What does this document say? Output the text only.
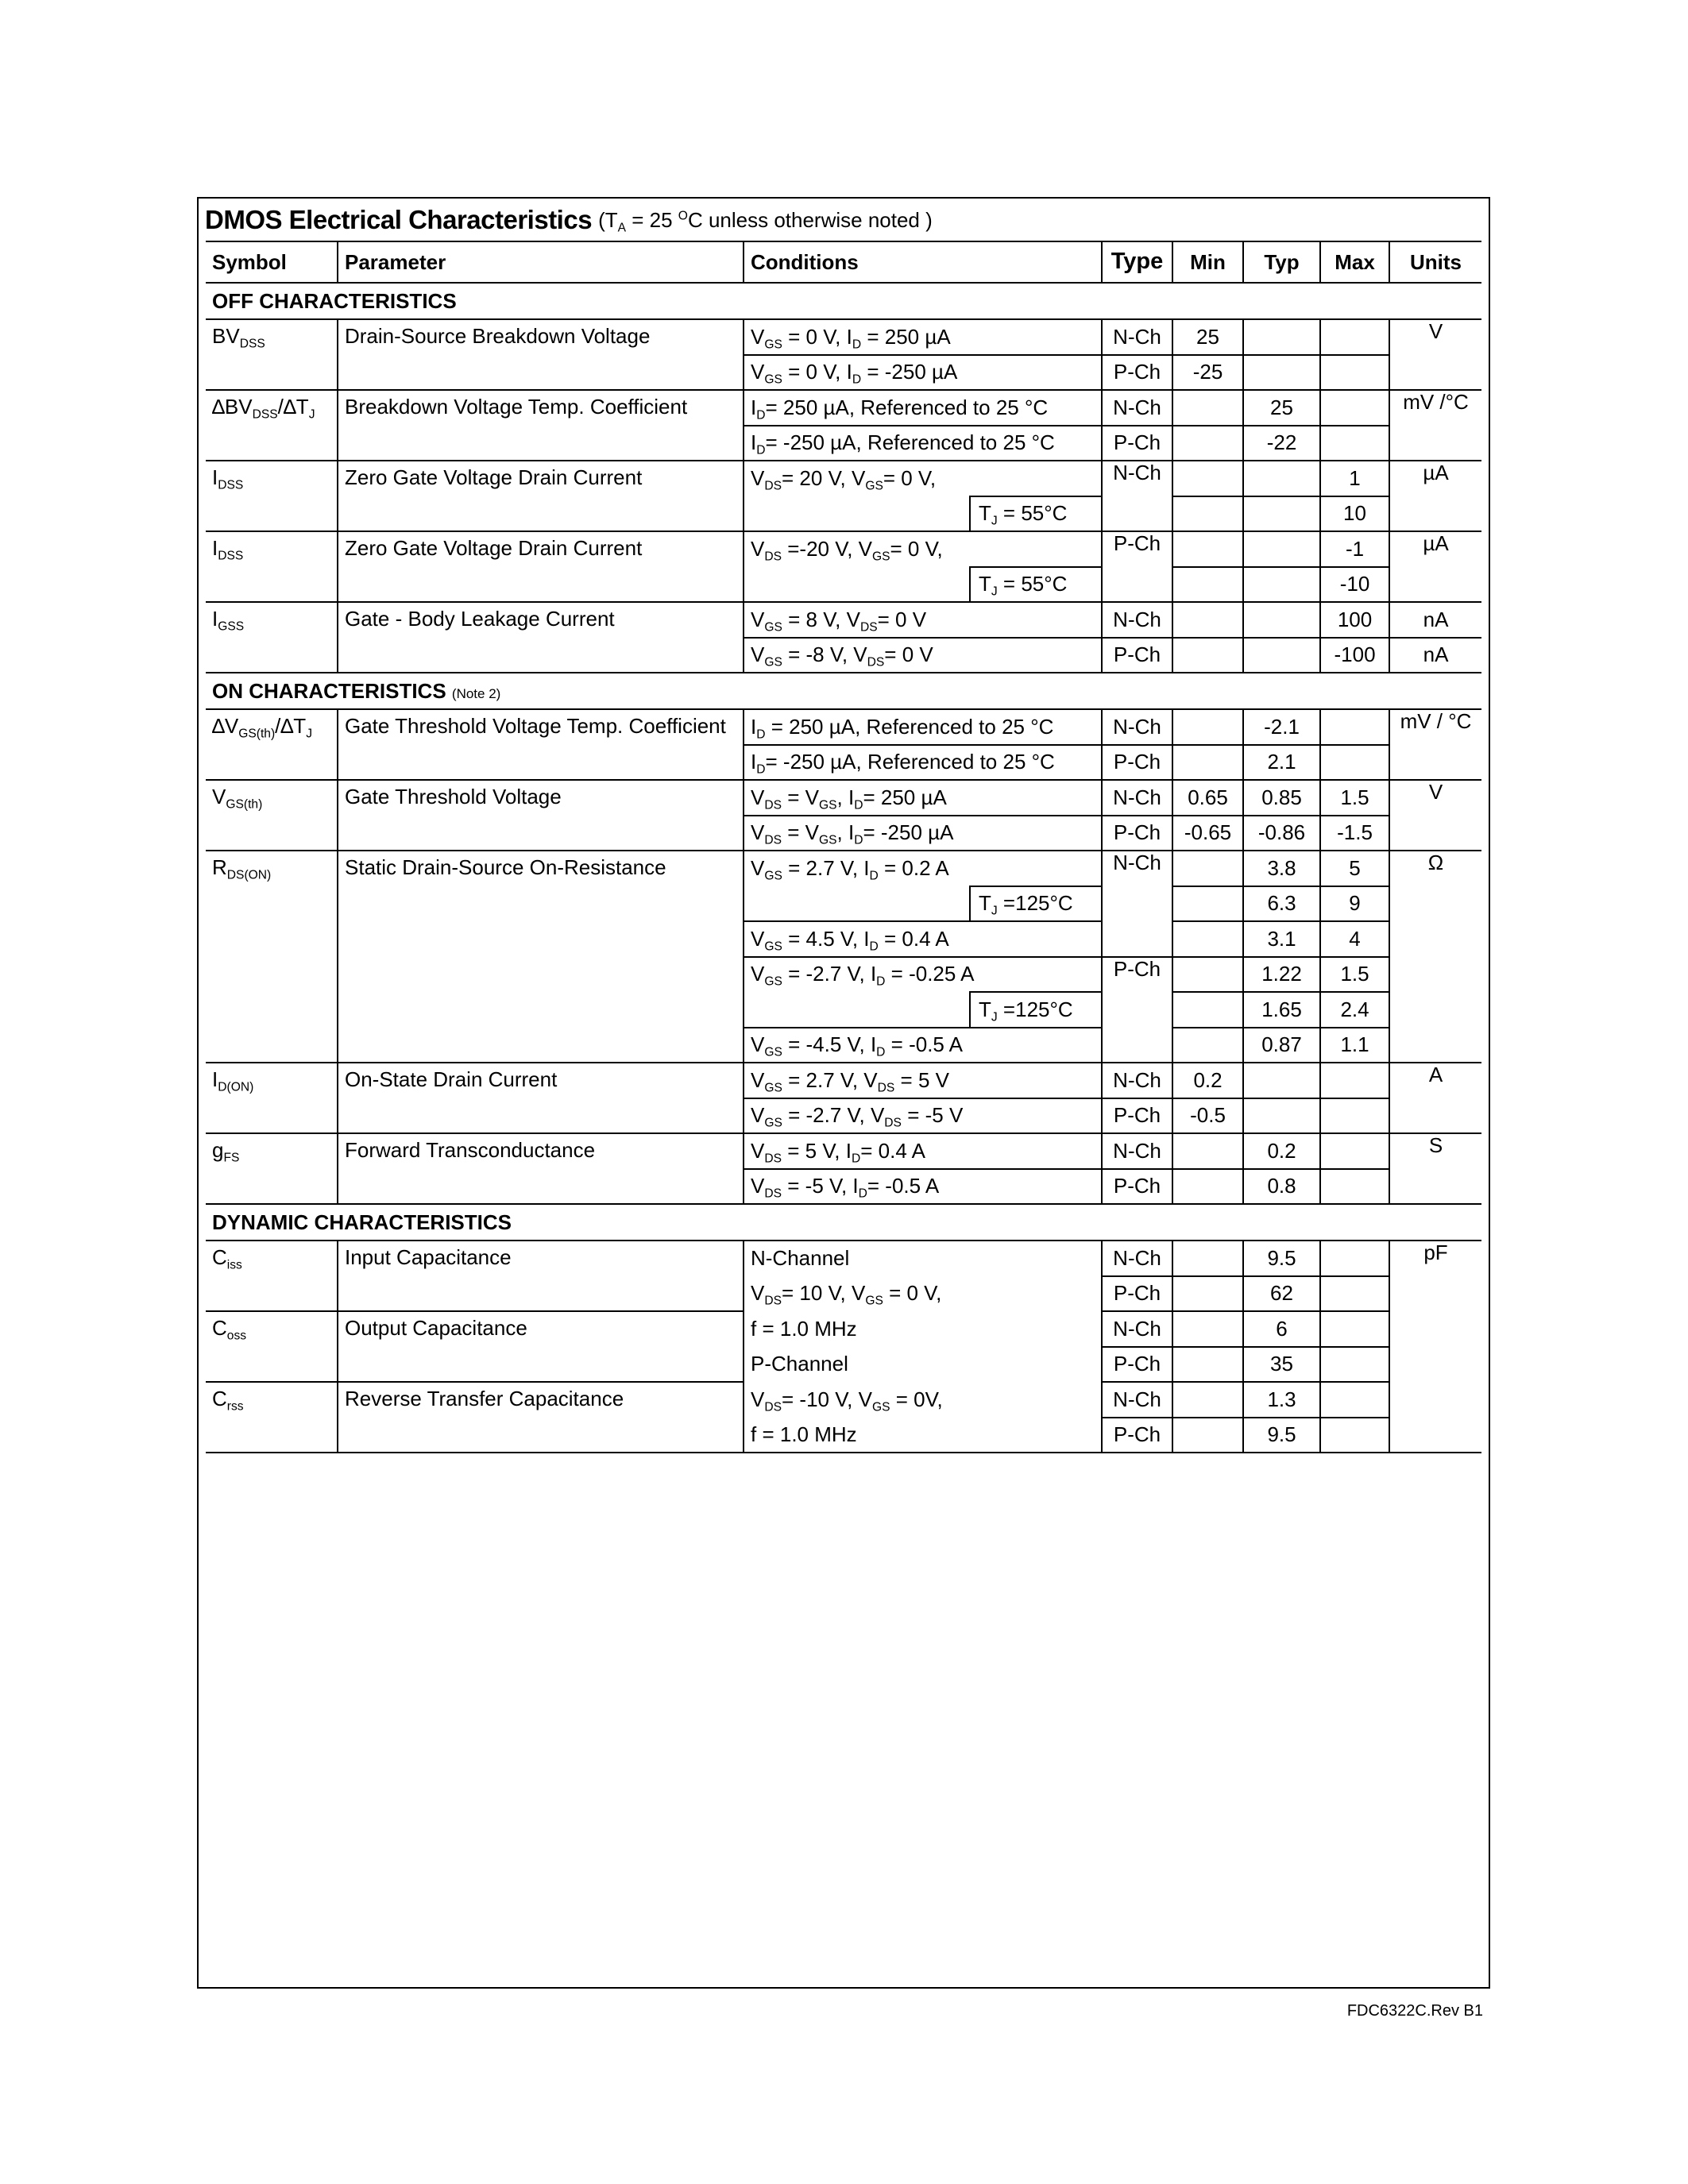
DMOS Electrical Characteristics ($T_A = 25$ $^O$C unless otherwise noted )
Symbol	Parameter	Conditions		Type	Min	Typ	Max	Units
OFF CHARACTERISTICS								
$BV_{DSS}$	Drain-Source Breakdown Voltage	$V_{GS} = 0$ V, $I_D = 250$ µA		N-Ch	25			V
		$V_{GS} = 0$ V, $I_D = -250$ µA		P-Ch	-25			
$\Delta BV_{DSS}/\Delta T_J$	Breakdown Voltage Temp. Coefficient	$I_D= 250$ µA, Referenced to 25 °C		N-Ch		25		mV /°C
		$I_D= -250$ µA, Referenced to 25 °C		P-Ch		-22		
$I_{DSS}$	Zero Gate Voltage Drain Current	$V_{DS}= 20$ V, $V_{GS}= 0$ V,		N-Ch			1	µA
			$T_J = 55^\circ C$				10	
$I_{DSS}$	Zero Gate Voltage Drain Current	$V_{DS} =-20$ V, $V_{GS}= 0$ V,		P-Ch			-1	µA
			$T_J = 55^\circ C$				-10	
$I_{GSS}$	Gate - Body Leakage Current	$V_{GS} = 8$ V, $V_{DS}= 0$ V		N-Ch			100	nA
		$V_{GS} = -8$ V, $V_{DS}= 0$ V		P-Ch			-100	nA
ON CHARACTERISTICS (Note 2)								
$\Delta V_{GS(th)}/\Delta T_J$	Gate Threshold Voltage Temp. Coefficient	$I_D = 250$ µA, Referenced to 25 °C		N-Ch		-2.1		mV / °C
		$I_D= -250$ µA, Referenced to 25 °C		P-Ch		2.1		
$V_{GS(th)}$	Gate Threshold Voltage	$V_{DS} = V_{GS}$, $I_D= 250$ µA		N-Ch	0.65	0.85	1.5	V
		$V_{DS} = V_{GS}$, $I_D= -250$ µA		P-Ch	-0.65	-0.86	-1.5	
$R_{DS(ON)}$	Static Drain-Source On-Resistance	$V_{GS} = 2.7$ V, $I_D = 0.2$ A		N-Ch		3.8	5	Ω
			$T_J =125^\circ C$			6.3	9	
		$V_{GS} = 4.5$ V, $I_D = 0.4$ A				3.1	4	
		$V_{GS} = -2.7$ V, $I_D = -0.25$ A		P-Ch		1.22	1.5	
			$T_J =125^\circ C$			1.65	2.4	
		$V_{GS} = -4.5$ V, $I_D = -0.5$ A				0.87	1.1	
$I_{D(ON)}$	On-State Drain Current	$V_{GS} = 2.7$ V, $V_{DS} = 5$ V		N-Ch	0.2			A
		$V_{GS} = -2.7$ V, $V_{DS} = -5$ V		P-Ch	-0.5			
$g_{FS}$	Forward Transconductance	$V_{DS} = 5$ V, $I_D= 0.4$ A		N-Ch		0.2		S
		$V_{DS} = -5$ V, $I_D= -0.5$ A		P-Ch		0.8		
DYNAMIC CHARACTERISTICS								
$C_{iss}$	Input Capacitance	N-Channel		N-Ch		9.5		pF
		$V_{DS}= 10$ V, $V_{GS} = 0$ V,		P-Ch		62		
$C_{oss}$	Output Capacitance	f = 1.0 MHz		N-Ch		6		
		P-Channel		P-Ch		35		
$C_{rss}$	Reverse Transfer Capacitance	$V_{DS}= -10$ V, $V_{GS} = 0V$,		N-Ch		1.3		
		f = 1.0 MHz		P-Ch		9.5		
FDC6322C.Rev B1
